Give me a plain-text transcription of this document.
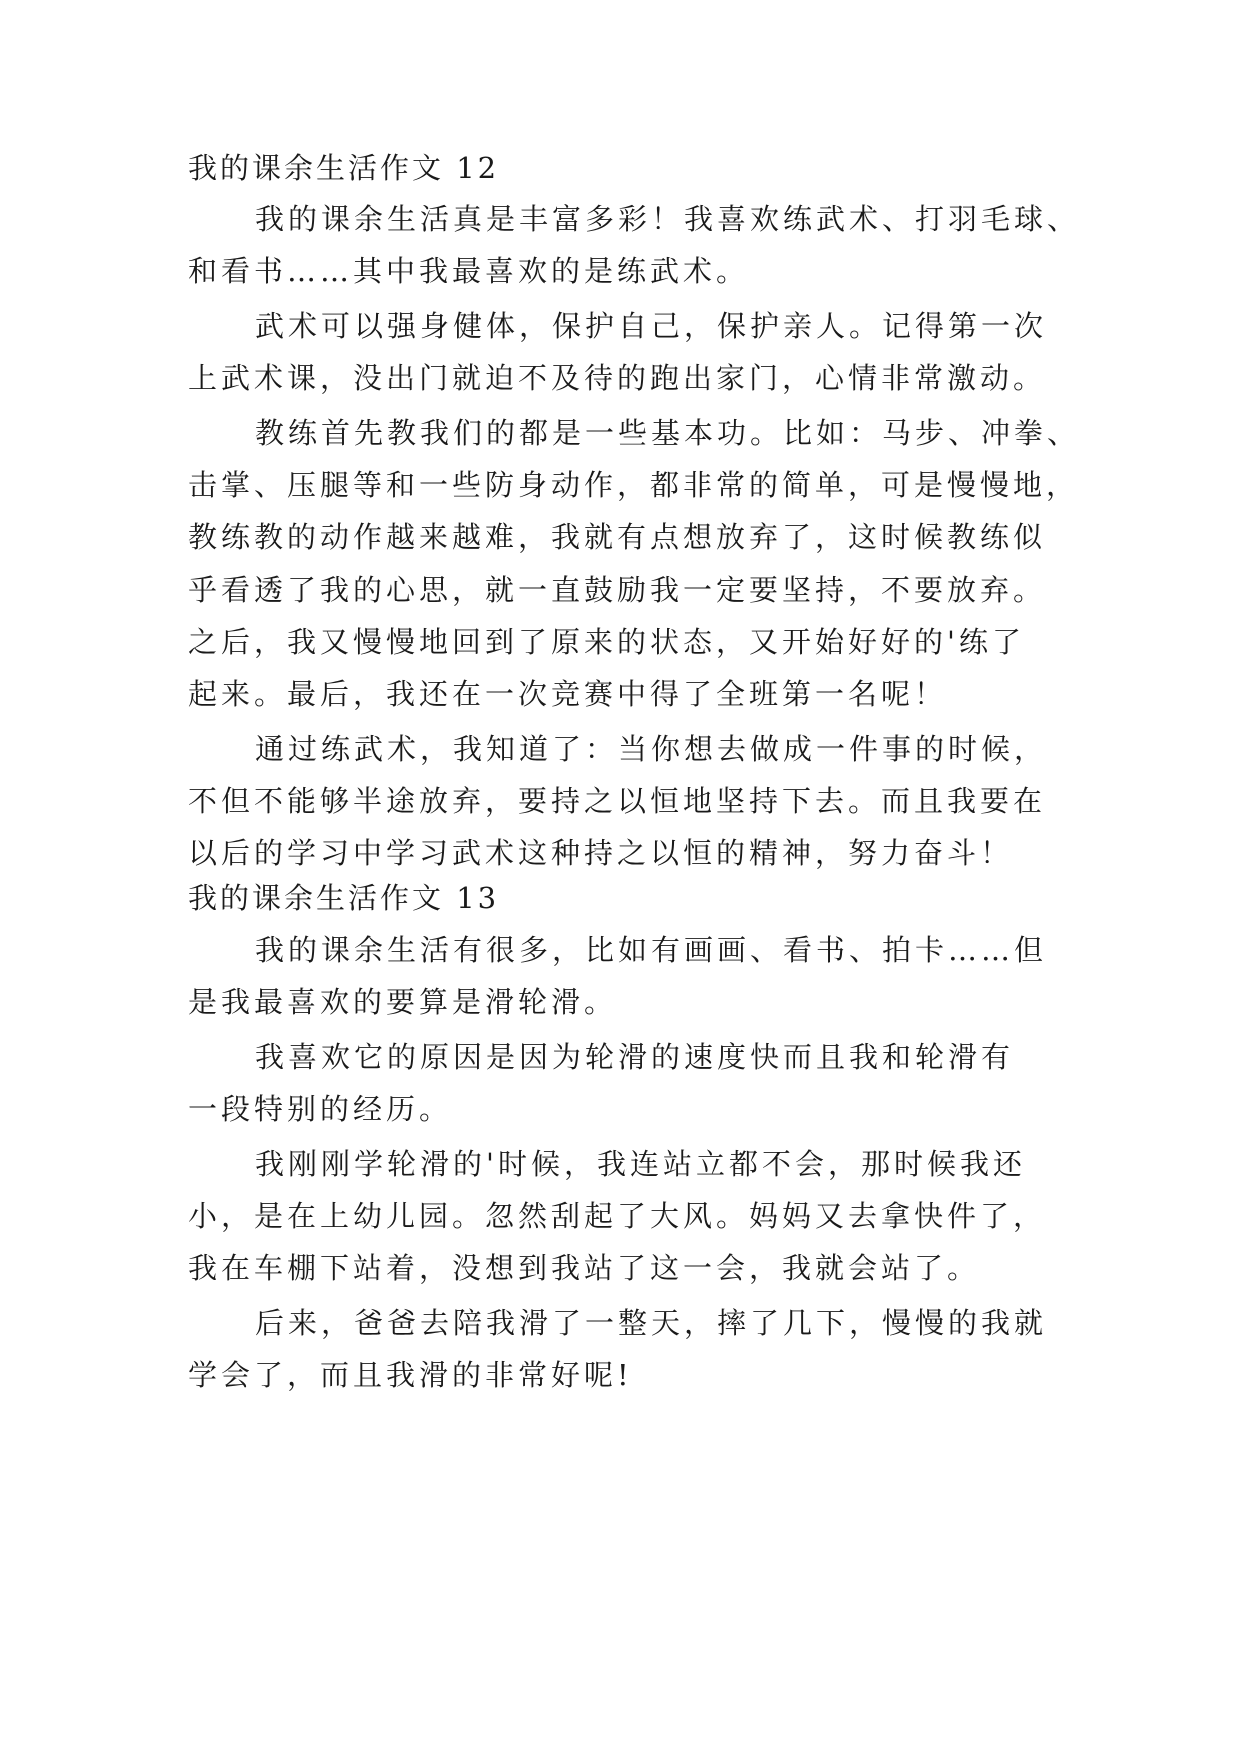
我的课余生活作文 12
我的课余生活真是丰富多彩！我喜欢练武术、打羽毛球、
和看书……其中我最喜欢的是练武术。
武术可以强身健体，保护自己，保护亲人。记得第一次
上武术课，没出门就迫不及待的跑出家门，心情非常激动。
教练首先教我们的都是一些基本功。比如：马步、冲拳、
击掌、压腿等和一些防身动作，都非常的简单，可是慢慢地，
教练教的动作越来越难，我就有点想放弃了，这时候教练似
乎看透了我的心思，就一直鼓励我一定要坚持，不要放弃。
之后，我又慢慢地回到了原来的状态，又开始好好的'练了
起来。最后，我还在一次竞赛中得了全班第一名呢！
通过练武术，我知道了：当你想去做成一件事的时候，
不但不能够半途放弃，要持之以恒地坚持下去。而且我要在
以后的学习中学习武术这种持之以恒的精神，努力奋斗！
我的课余生活作文 13
我的课余生活有很多，比如有画画、看书、拍卡……但
是我最喜欢的要算是滑轮滑。
我喜欢它的原因是因为轮滑的速度快而且我和轮滑有
一段特别的经历。
我刚刚学轮滑的'时候，我连站立都不会，那时候我还
小，是在上幼儿园。忽然刮起了大风。妈妈又去拿快件了，
我在车棚下站着，没想到我站了这一会，我就会站了。
后来，爸爸去陪我滑了一整天，摔了几下，慢慢的我就
学会了，而且我滑的非常好呢!
